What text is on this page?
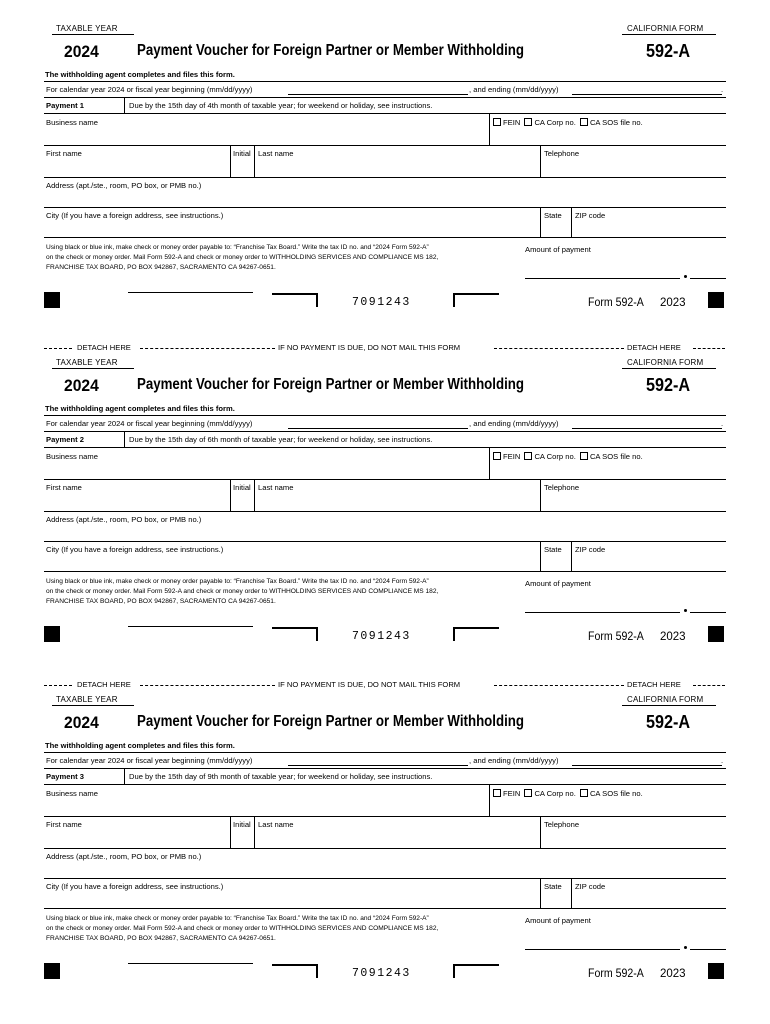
TAXABLE YEAR	CALIFORNIA FORM
2024 Payment Voucher for Foreign Partner or Member Withholding	592-A
The withholding agent completes and files this form.
For calendar year 2024 or fiscal year beginning (mm/dd/yyyy)	, and ending (mm/dd/yyyy)	.
Payment 1	Due by the 15th day of 4th month of taxable year; for weekend or holiday, see instructions.
Business name	FEIN CA Corp no. CA SOS file no.
First name	Initial Last name	Telephone
Address (apt./ste., room, PO box, or PMB no.)
City (If you have a foreign address, see instructions.)	State ZIP code
Using black or blue ink, make check or money order payable to: “Franchise Tax Board.” Write the tax ID no. and “2024 Form 592-A”
on the check or money order. Mail Form 592-A and check or money order to WITHHOLDING SERVICES AND COMPLIANCE MS 182,
FRANCHISE TAX BOARD, PO BOX 942867, SACRAMENTO CA 94267-0651.
Amount of payment
7091243	Form 592-A 2023
TAXABLE YEAR	CALIFORNIA FORM
2024 Payment Voucher for Foreign Partner or Member Withholding	592-A
The withholding agent completes and files this form.
For calendar year 2024 or fiscal year beginning (mm/dd/yyyy)	, and ending (mm/dd/yyyy)	.
Payment 2	Due by the 15th day of 6th month of taxable year; for weekend or holiday, see instructions.
Business name	FEIN CA Corp no. CA SOS file no.
First name	Initial Last name	Telephone
Address (apt./ste., room, PO box, or PMB no.)
City (If you have a foreign address, see instructions.)	State ZIP code
Using black or blue ink, make check or money order payable to: “Franchise Tax Board.” Write the tax ID no. and “2024 Form 592-A”
on the check or money order. Mail Form 592-A and check or money order to WITHHOLDING SERVICES AND COMPLIANCE MS 182,
FRANCHISE TAX BOARD, PO BOX 942867, SACRAMENTO CA 94267-0651.
Amount of payment
7091243	Form 592-A 2023
TAXABLE YEAR	CALIFORNIA FORM
2024 Payment Voucher for Foreign Partner or Member Withholding	592-A
The withholding agent completes and files this form.
For calendar year 2024 or fiscal year beginning (mm/dd/yyyy)	, and ending (mm/dd/yyyy)	.
Payment 3	Due by the 15th day of 9th month of taxable year; for weekend or holiday, see instructions.
Business name	FEIN CA Corp no. CA SOS file no.
First name	Initial Last name	Telephone
Address (apt./ste., room, PO box, or PMB no.)
City (If you have a foreign address, see instructions.)	State ZIP code
Using black or blue ink, make check or money order payable to: “Franchise Tax Board.” Write the tax ID no. and “2024 Form 592-A”
on the check or money order. Mail Form 592-A and check or money order to WITHHOLDING SERVICES AND COMPLIANCE MS 182,
FRANCHISE TAX BOARD, PO BOX 942867, SACRAMENTO CA 94267-0651.
Amount of payment
7091243	Form 592-A 2023
DETACH HERE	IF NO PAYMENT IS DUE, DO NOT MAIL THIS FORM	DETACH HERE
DETACH HERE	IF NO PAYMENT IS DUE, DO NOT MAIL THIS FORM	DETACH HERE
